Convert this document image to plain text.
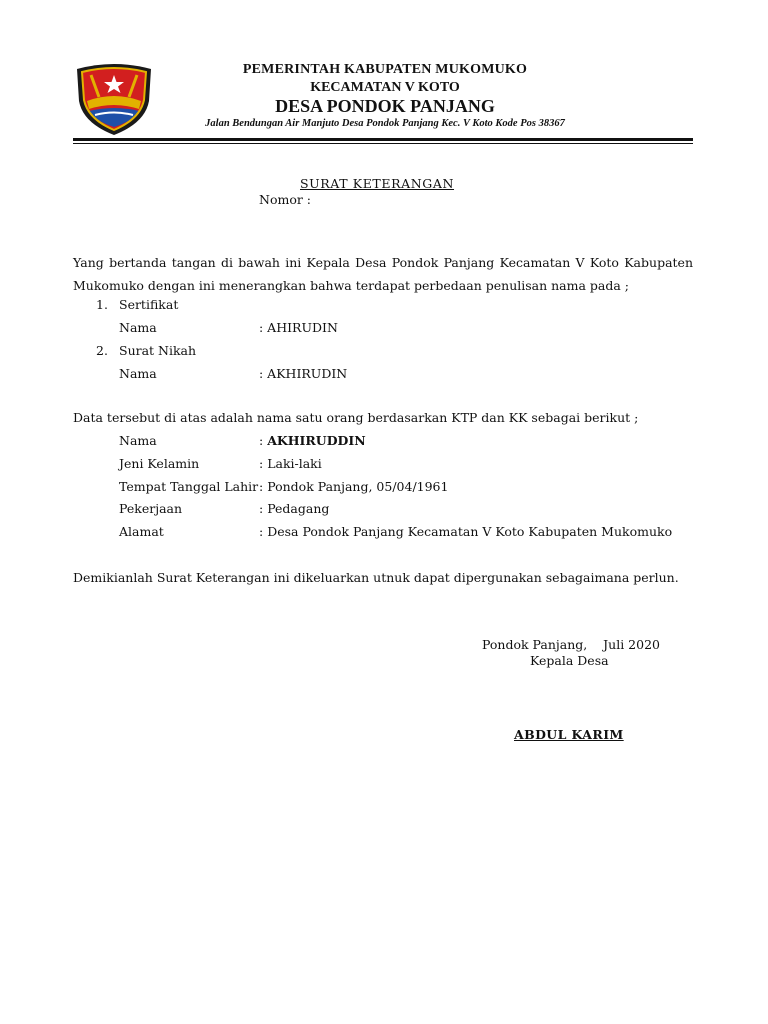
PEMERINTAH KABUPATEN MUKOMUKO
KECAMATAN V KOTO
DESA PONDOK PANJANG
Jalan Bendungan Air Manjuto Desa Pondok Panjang Kec. V Koto Kode Pos 38367
SURAT KETERANGAN
Nomor :
Yang bertanda tangan di bawah ini Kepala Desa Pondok Panjang Kecamatan V Koto Kabupaten Mukomuko dengan ini menerangkan bahwa terdapat perbedaan penulisan nama pada ;
1. Sertifikat
Nama	: AHIRUDIN
2. Surat Nikah
Nama	: AKHIRUDIN
Data tersebut di atas adalah nama satu orang berdasarkan KTP dan KK sebagai berikut ;
Nama	: AKHIRUDDIN
Jeni Kelamin	: Laki-laki
Tempat Tanggal Lahir : Pondok Panjang, 05/04/1961
Pekerjaan	: Pedagang
Alamat	: Desa Pondok Panjang Kecamatan V Koto Kabupaten Mukomuko
Demikianlah Surat Keterangan ini dikeluarkan utnuk dapat dipergunakan sebagaimana perlun.
Pondok Panjang,    Juli 2020
Kepala Desa
ABDUL KARIM
